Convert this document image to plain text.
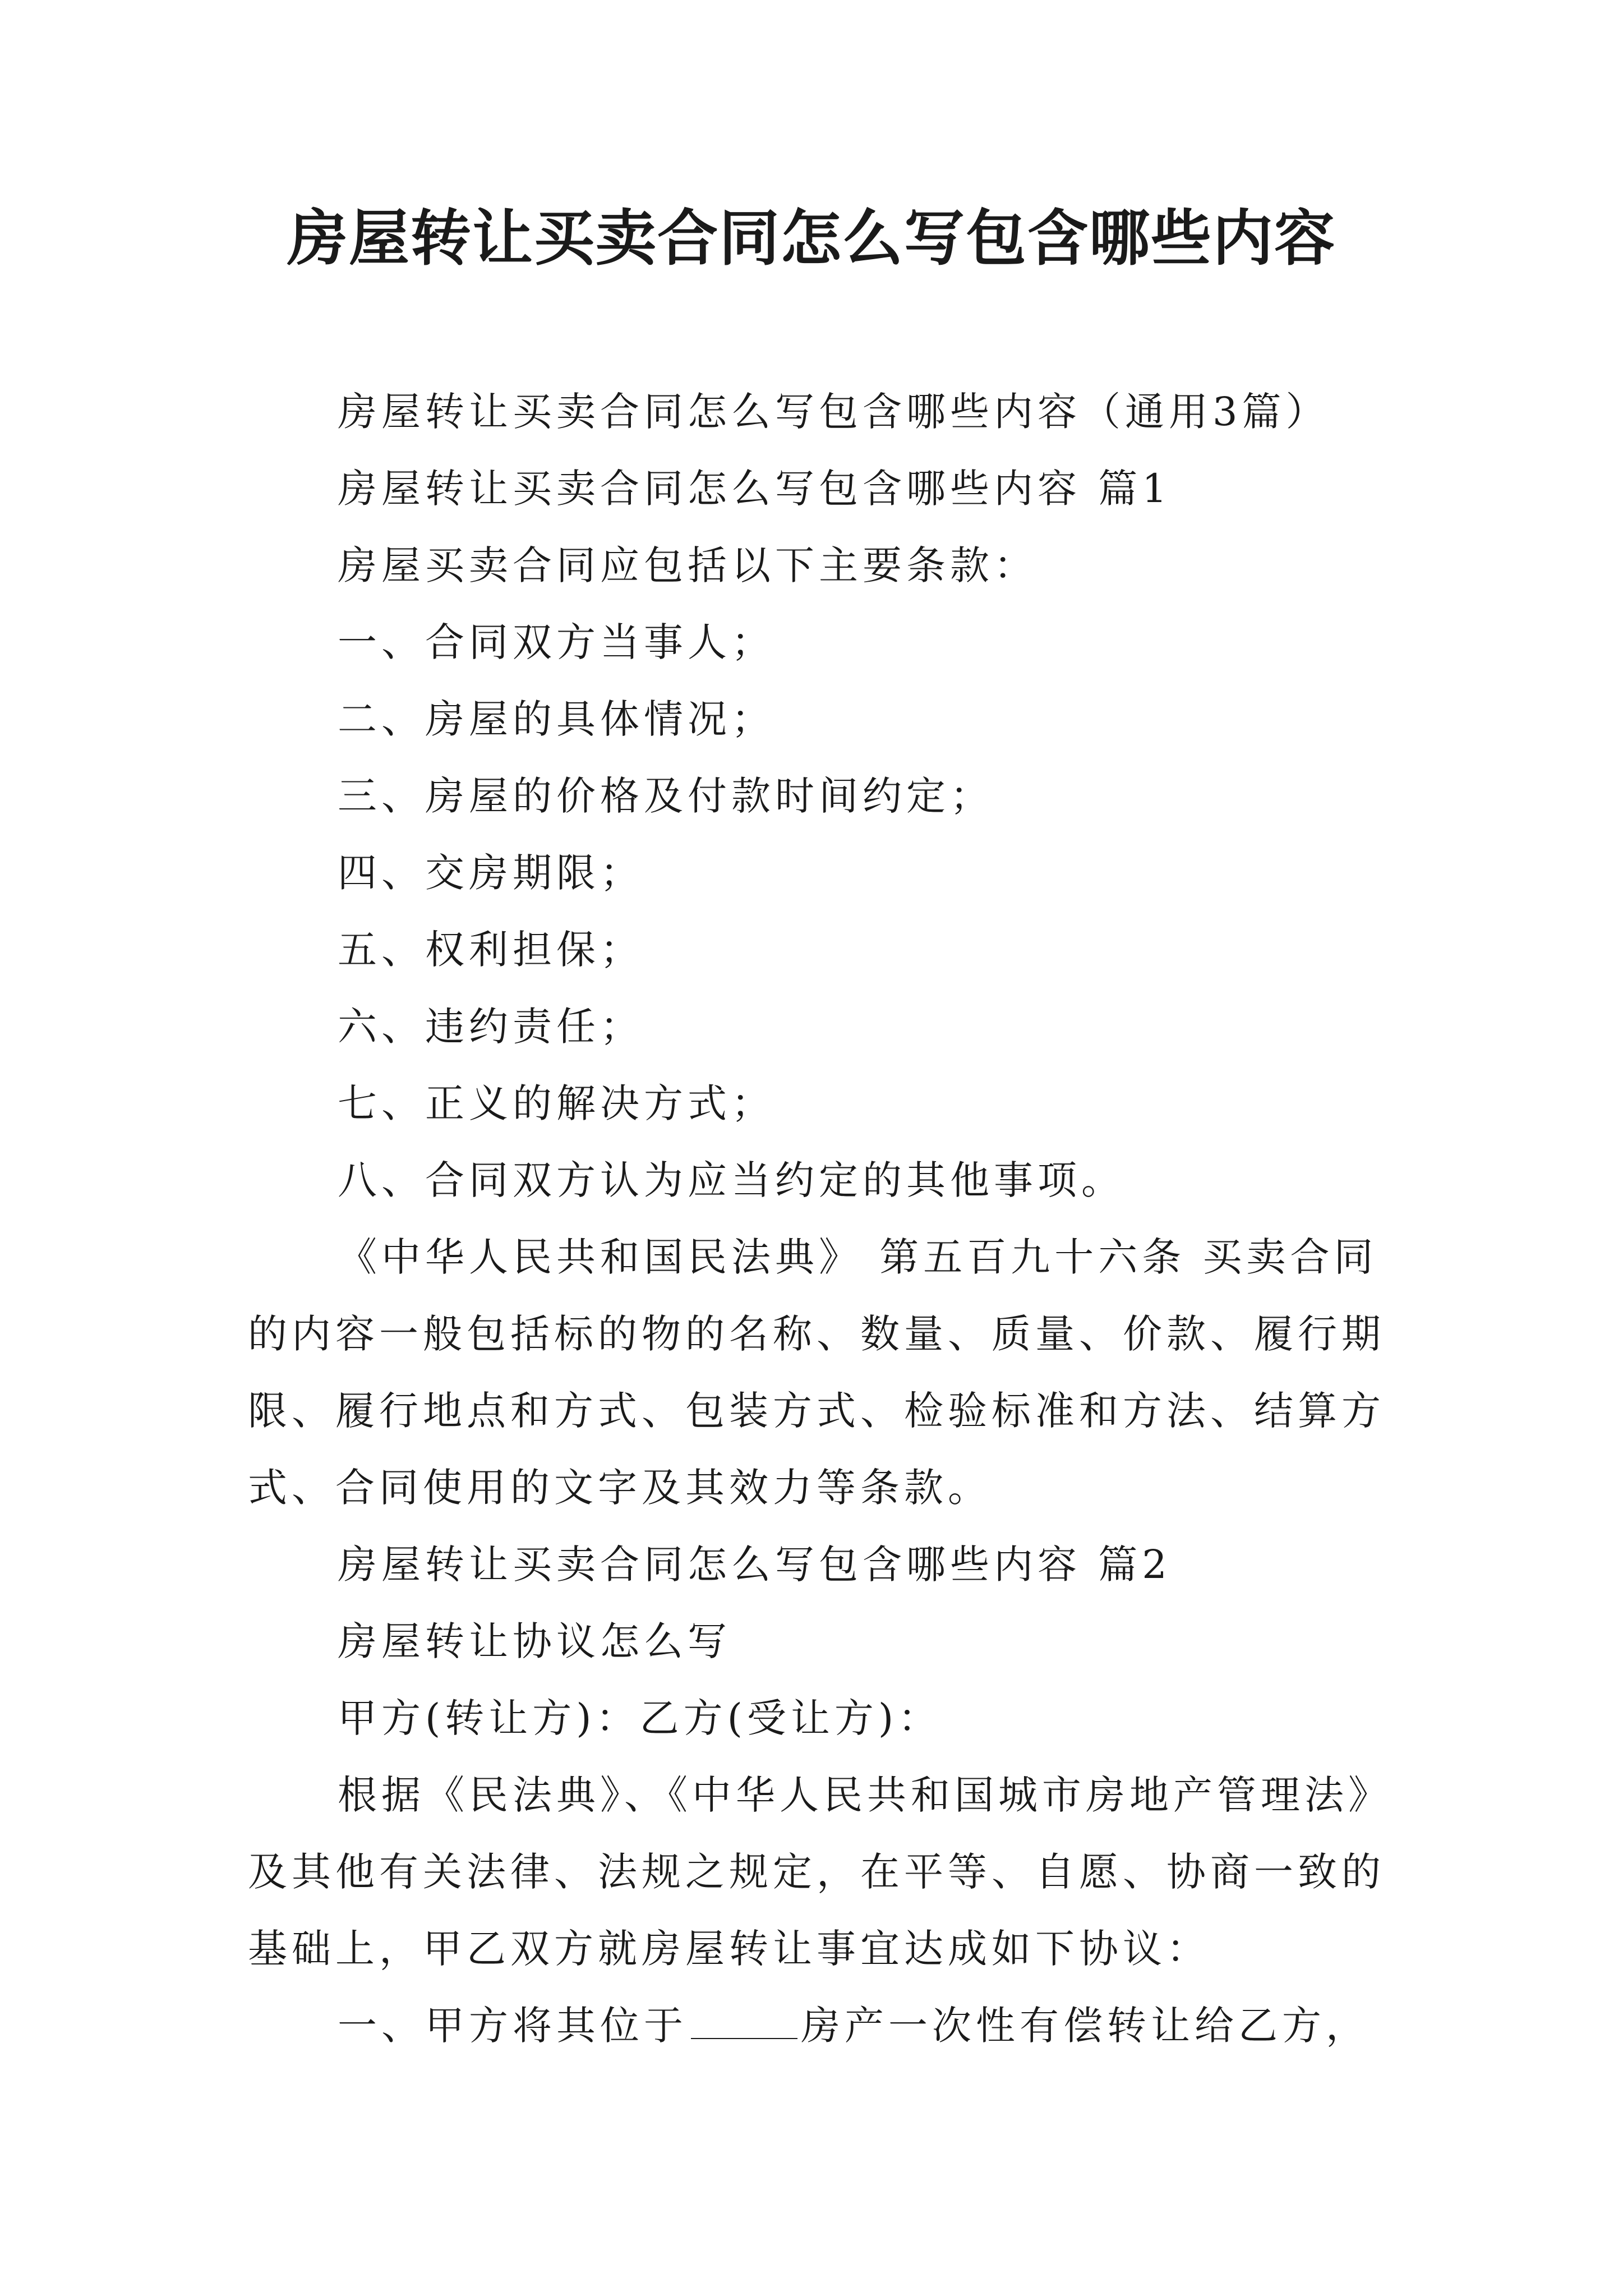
房屋转让买卖合同怎么写包含哪些内容

房屋转让买卖合同怎么写包含哪些内容（通用3篇）

房屋转让买卖合同怎么写包含哪些内容 篇1

房屋买卖合同应包括以下主要条款：

一、合同双方当事人；

二、房屋的具体情况；

三、房屋的价格及付款时间约定；

四、交房期限；

五、权利担保；

六、违约责任；

七、正义的解决方式；

八、合同双方认为应当约定的其他事项。

《中华人民共和国民法典》 第五百九十六条 买卖合同的内容一般包括标的物的名称、数量、质量、价款、履行期限、履行地点和方式、包装方式、检验标准和方法、结算方式、合同使用的文字及其效力等条款。

房屋转让买卖合同怎么写包含哪些内容 篇2

房屋转让协议怎么写

甲方(转让方)：乙方(受让方)：

根据《民法典》、《中华人民共和国城市房地产管理法》及其他有关法律、法规之规定，在平等、自愿、协商一致的基础上，甲乙双方就房屋转让事宜达成如下协议：

一、甲方将其位于	房产一次性有偿转让给乙方，
